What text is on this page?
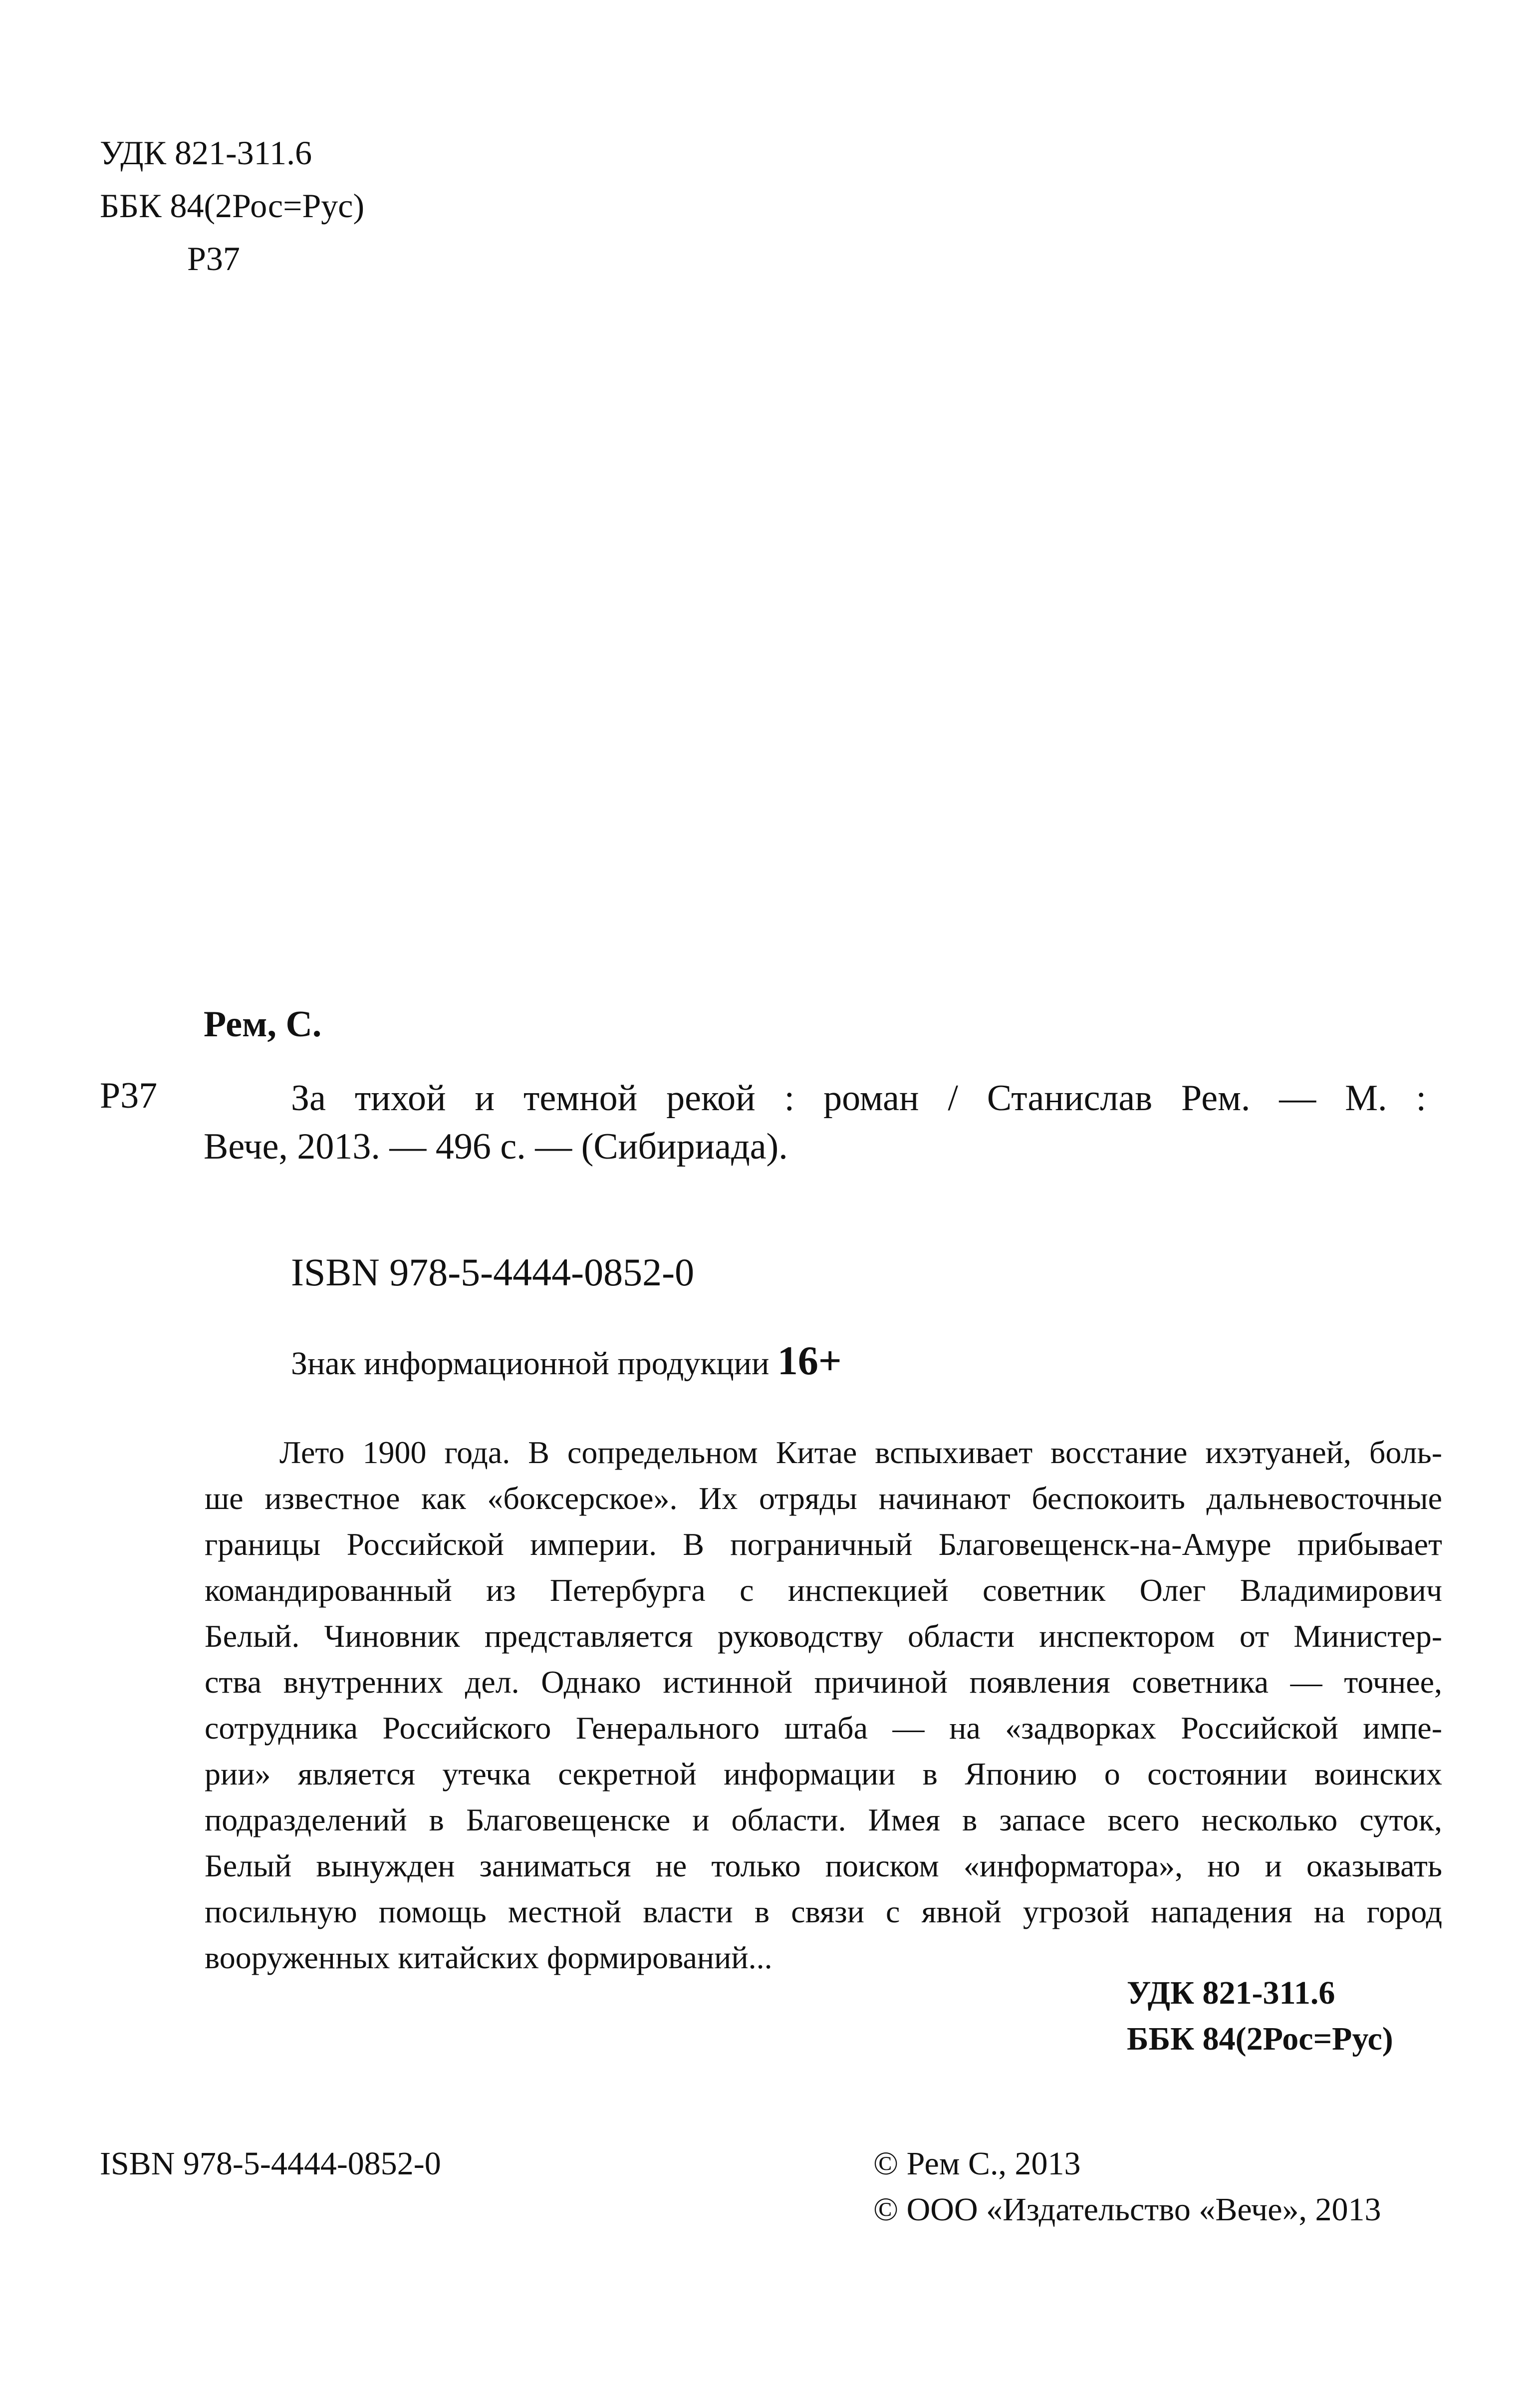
УДК 821-311.6
ББК 84(2Рос=Рус)
Р37
Рем, С.
Р37	За тихой и темной рекой : роман / Станислав Рем. — М. :
Вече, 2013. — 496 с. — (Сибириада).
ISBN 978-5-4444-0852-0
Знак информационной продукции 16+
Лето 1900 года. В сопредельном Китае вспыхивает восстание ихэтуаней, боль-
ше известное как «боксерское». Их отряды начинают беспокоить дальневосточные
границы Российской империи. В пограничный Благовещенск-на-Амуре прибывает
командированный из Петербурга с инспекцией советник Олег Владимирович
Белый. Чиновник представляется руководству области инспектором от Министер-
ства внутренних дел. Однако истинной причиной появления советника — точнее,
сотрудника Российского Генерального штаба — на «задворках Российской импе-
рии» является утечка секретной информации в Японию о состоянии воинских
подразделений в Благовещенске и области. Имея в запасе всего несколько суток,
Белый вынужден заниматься не только поиском «информатора», но и оказывать
посильную помощь местной власти в связи с явной угрозой нападения на город
вооруженных китайских формирований...
УДК 821-311.6
ББК 84(2Рос=Рус)
ISBN 978-5-4444-0852-0	© Рем С., 2013
© ООО «Издательство «Вече», 2013
